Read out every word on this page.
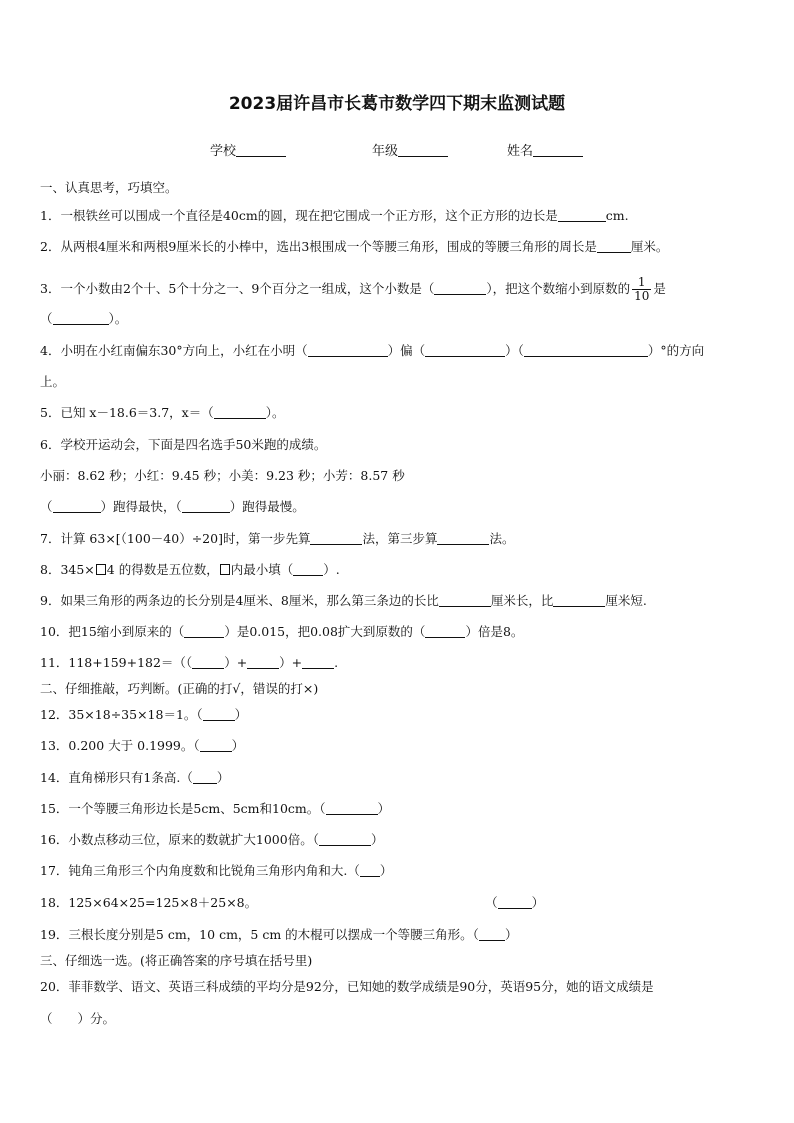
2023届许昌市长葛市数学四下期末监测试题
学校	年级	姓名
一、认真思考，巧填空。
1．一根铁丝可以围成一个直径是40cm的圆，现在把它围成一个正方形，这个正方形的边长是	cm.
2．从两根4厘米和两根9厘米长的小棒中，选出3根围成一个等腰三角形，围成的等腰三角形的周长是	厘米。
3．一个小数由2个十、5个十分之一、9个百分之一组成，这个小数是（	），把这个数缩小到原数的 $\frac{1}{10}$ 是
（	）。
4．小明在小红南偏东30°方向上，小红在小明（	）偏（	）（	）°的方向
上。
5．已知 x－18.6＝3.7，x＝（	）。
6．学校开运动会，下面是四名选手50米跑的成绩。
小丽：8.62 秒；小红：9.45 秒；小美：9.23 秒；小芳：8.57 秒
（	）跑得最快，（	）跑得最慢。
7．计算 63×[（100－40）÷20]时，第一步先算	法，第三步算	法。
8．345× 4 的得数是五位数， 内最小填（ ）.
9．如果三角形的两条边的长分别是4厘米、8厘米，那么第三条边的长比	厘米长，比	厘米短.
10．把15缩小到原来的（	）是0.015，把0.08扩大到原数的（	）倍是8。
11．118+159+182＝（（	）+	）+	.
二、仔细推敲，巧判断。(正确的打√，错误的打×)
12．35×18÷35×18＝1。（	）
13．0.200 大于 0.1999。（	）
14．直角梯形只有1条高.（ ）
15．一个等腰三角形边长是5cm、5cm和10cm。（	）
16．小数点移动三位，原来的数就扩大1000倍。（	）
17．钝角三角形三个内角度数和比锐角三角形内角和大.（ ）
18．125×64×25=125×8＋25×8。	（	）
19．三根长度分别是5 cm，10 cm，5 cm 的木棍可以摆成一个等腰三角形。（ ）
三、仔细选一选。(将正确答案的序号填在括号里)
20．菲菲数学、语文、英语三科成绩的平均分是92分，已知她的数学成绩是90分，英语95分，她的语文成绩是
（　　）分。
